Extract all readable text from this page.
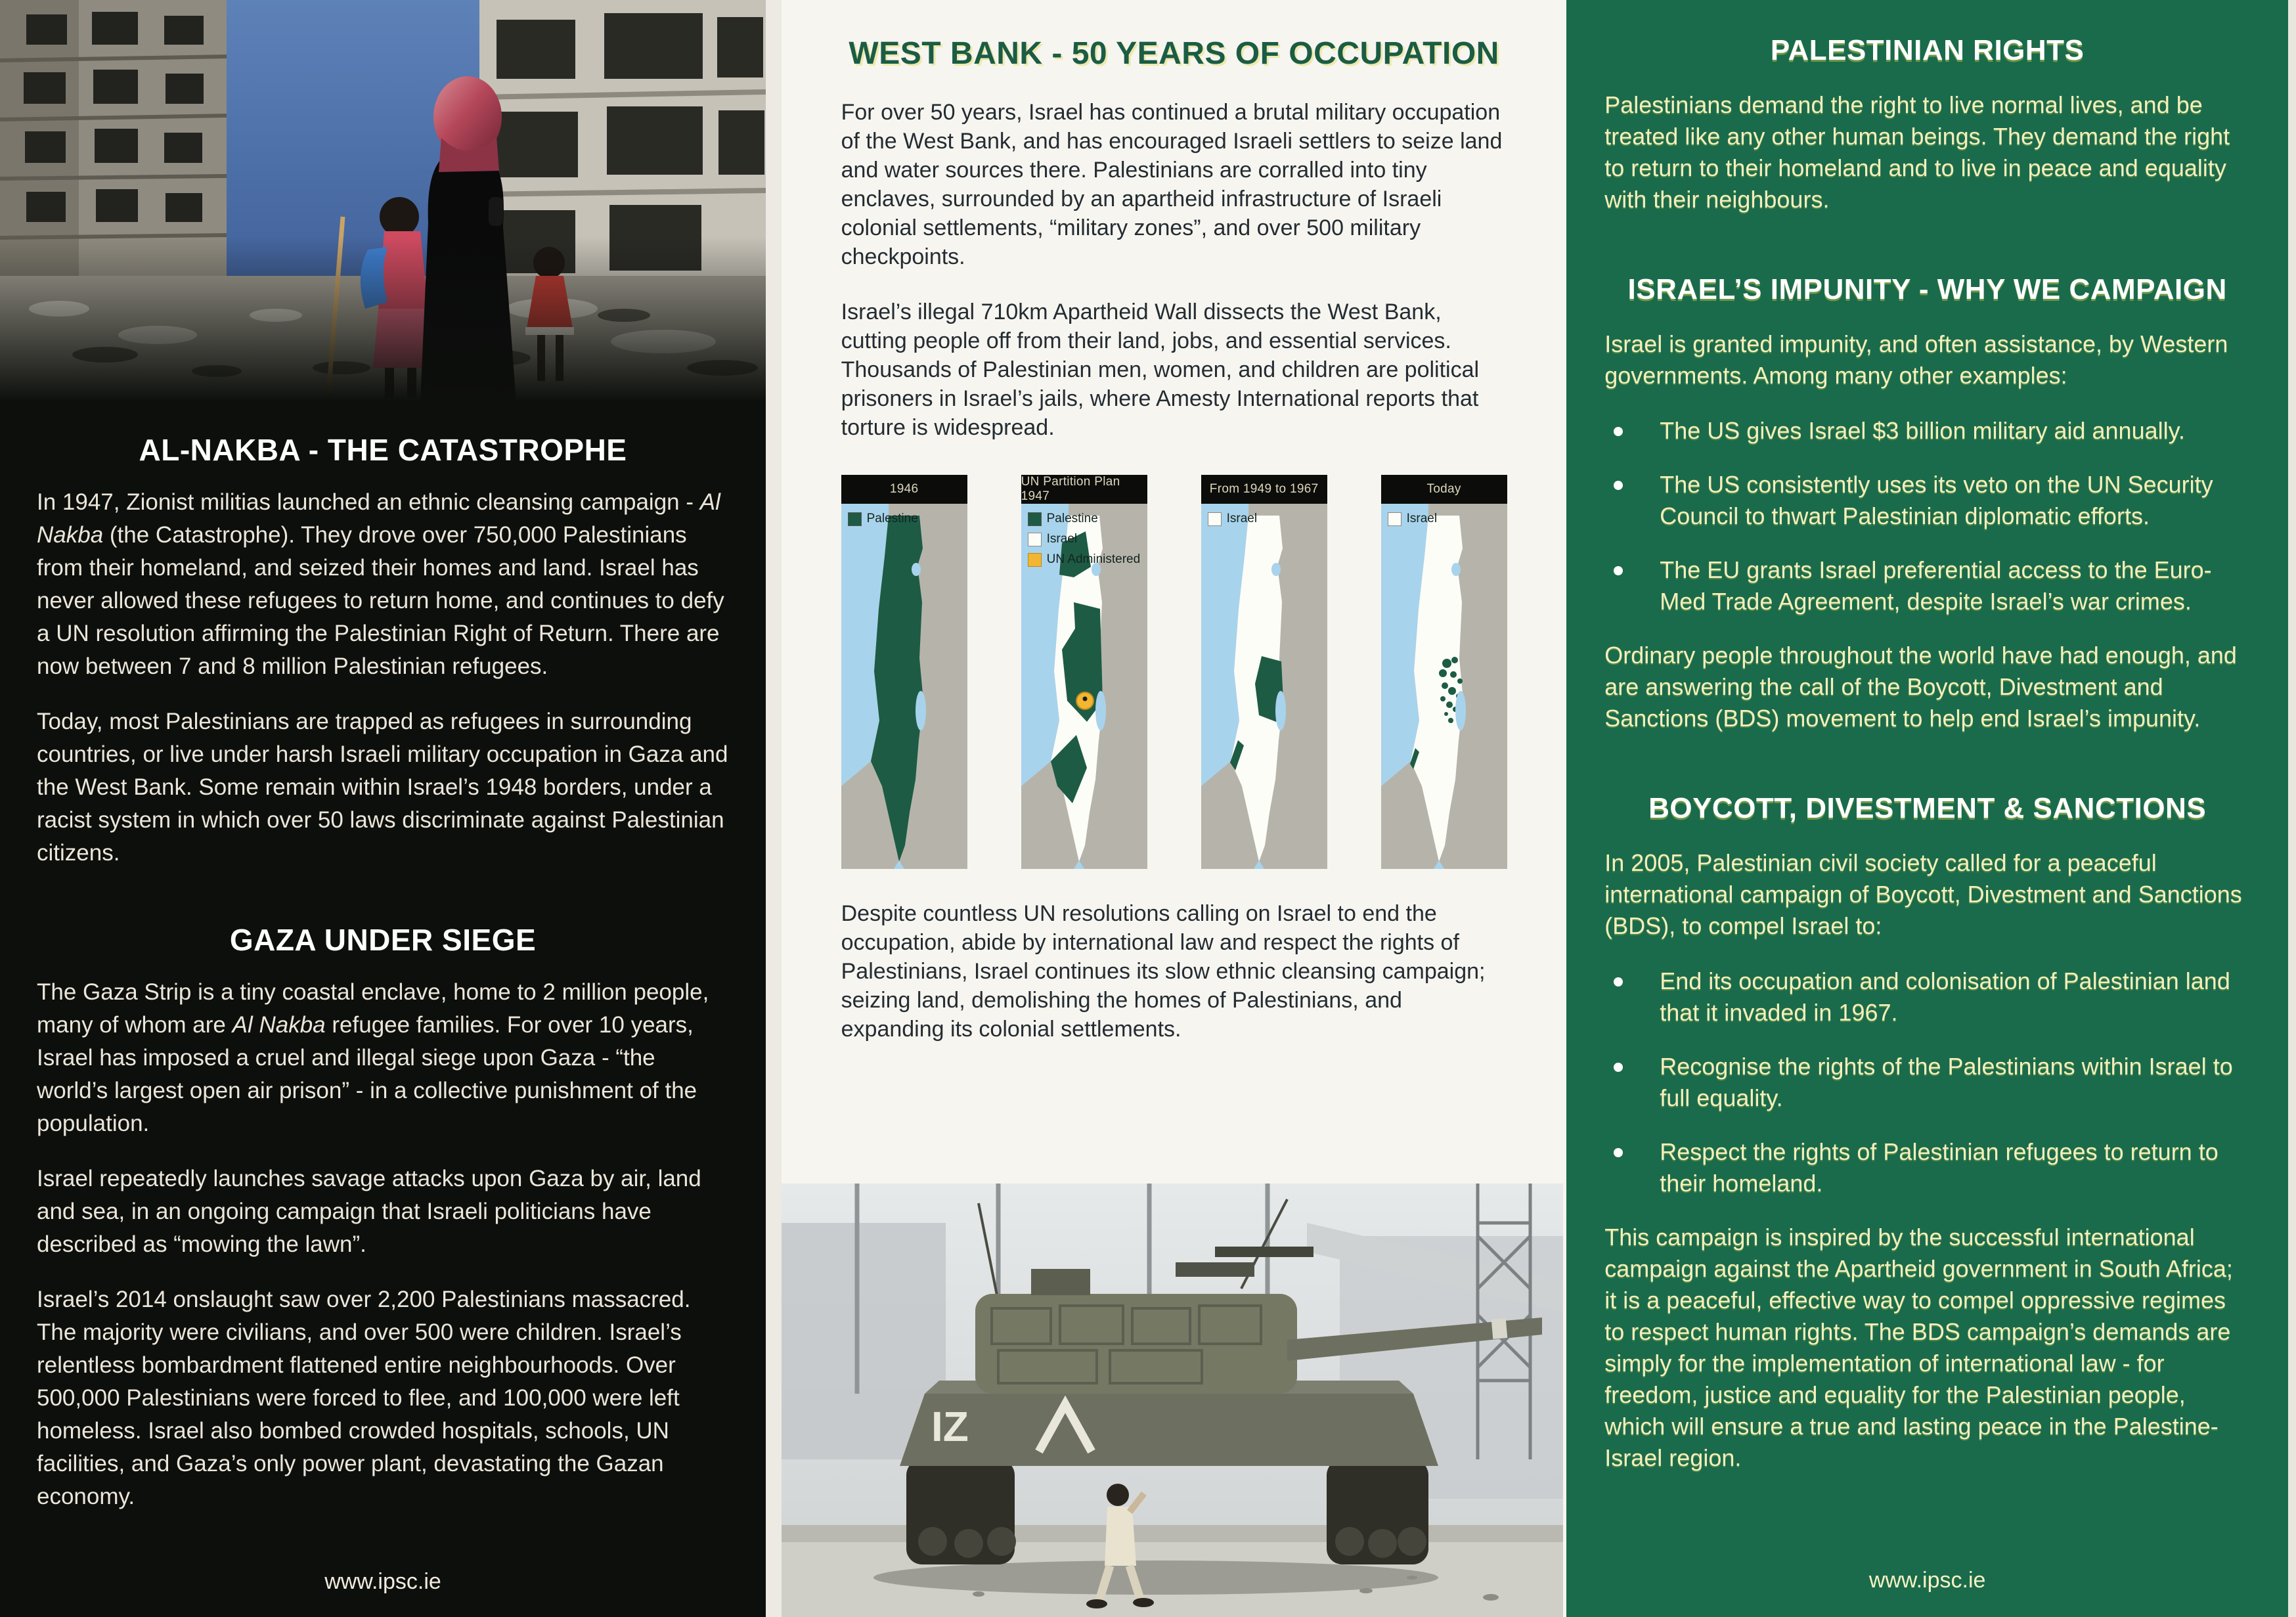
AL-NAKBA - THE CATASTROPHE

In 1947, Zionist militias launched an ethnic cleansing campaign - Al Nakba (the Catastrophe). They drove over 750,000 Palestinians from their homeland, and seized their homes and land. Israel has never allowed these refugees to return home, and continues to defy a UN resolution affirming the Palestinian Right of Return. There are now between 7 and 8 million Palestinian refugees.

Today, most Palestinians are trapped as refugees in surrounding countries, or live under harsh Israeli military occupation in Gaza and the West Bank. Some remain within Israel’s 1948 borders, under a racist system in which over 50 laws discriminate against Palestinian citizens.

GAZA UNDER SIEGE

The Gaza Strip is a tiny coastal enclave, home to 2 million people, many of whom are Al Nakba refugee families. For over 10 years, Israel has imposed a cruel and illegal siege upon Gaza - “the world’s largest open air prison” - in a collective punishment of the population.

Israel repeatedly launches savage attacks upon Gaza by air, land and sea, in an ongoing campaign that Israeli politicians have described as “mowing the lawn”.

Israel’s 2014 onslaught saw over 2,200 Palestinians massacred. The majority were civilians, and over 500 were children. Israel’s relentless bombardment flattened entire neighbourhoods. Over 500,000 Palestinians were forced to flee, and 100,000 were left homeless. Israel also bombed crowded hospitals, schools, UN facilities, and Gaza’s only power plant, devastating the Gazan economy.

www.ipsc.ie
WEST BANK - 50 YEARS OF OCCUPATION

For over 50 years, Israel has continued a brutal military occupation of the West Bank, and has encouraged Israeli settlers to seize land and water sources there. Palestinians are corralled into tiny enclaves, surrounded by an apartheid infrastructure of Israeli colonial settlements, “military zones”, and over 500 military checkpoints.

Israel’s illegal 710km Apartheid Wall dissects the West Bank, cutting people off from their land, jobs, and essential services. Thousands of Palestinian men, women, and children are political prisoners in Israel’s jails, where Amesty International reports that torture is widespread.

1946
Palestine
UN Partition Plan 1947
Palestine
Israel
UN Administered
From 1949 to 1967
Israel
Today
Israel

Despite countless UN resolutions calling on Israel to end the occupation, abide by international law and respect the rights of Palestinians, Israel continues its slow ethnic cleansing campaign; seizing land, demolishing the homes of Palestinians, and expanding its colonial settlements.

IZ
PALESTINIAN RIGHTS

Palestinians demand the right to live normal lives, and be treated like any other human beings. They demand the right to return to their homeland and to live in peace and equality with their neighbours.

ISRAEL’S IMPUNITY - WHY WE CAMPAIGN

Israel is granted impunity, and often assistance, by Western governments. Among many other examples:

The US gives Israel $3 billion military aid annually.
The US consistently uses its veto on the UN Security Council to thwart Palestinian diplomatic efforts.
The EU grants Israel preferential access to the Euro-Med Trade Agreement, despite Israel’s war crimes.

Ordinary people throughout the world have had enough, and are answering the call of the Boycott, Divestment and Sanctions (BDS) movement to help end Israel’s impunity.

BOYCOTT, DIVESTMENT & SANCTIONS

In 2005, Palestinian civil society called for a peaceful international campaign of Boycott, Divestment and Sanctions (BDS), to compel Israel to:

End its occupation and colonisation of Palestinian land that it invaded in 1967.
Recognise the rights of the Palestinians within Israel to full equality.
Respect the rights of Palestinian refugees to return to their homeland.

This campaign is inspired by the successful international campaign against the Apartheid government in South Africa; it is a peaceful, effective way to compel oppressive regimes to respect human rights. The BDS campaign’s demands are simply for the implementation of international law - for freedom, justice and equality for the Palestinian people, which will ensure a true and lasting peace in the Palestine-Israel region.

www.ipsc.ie
